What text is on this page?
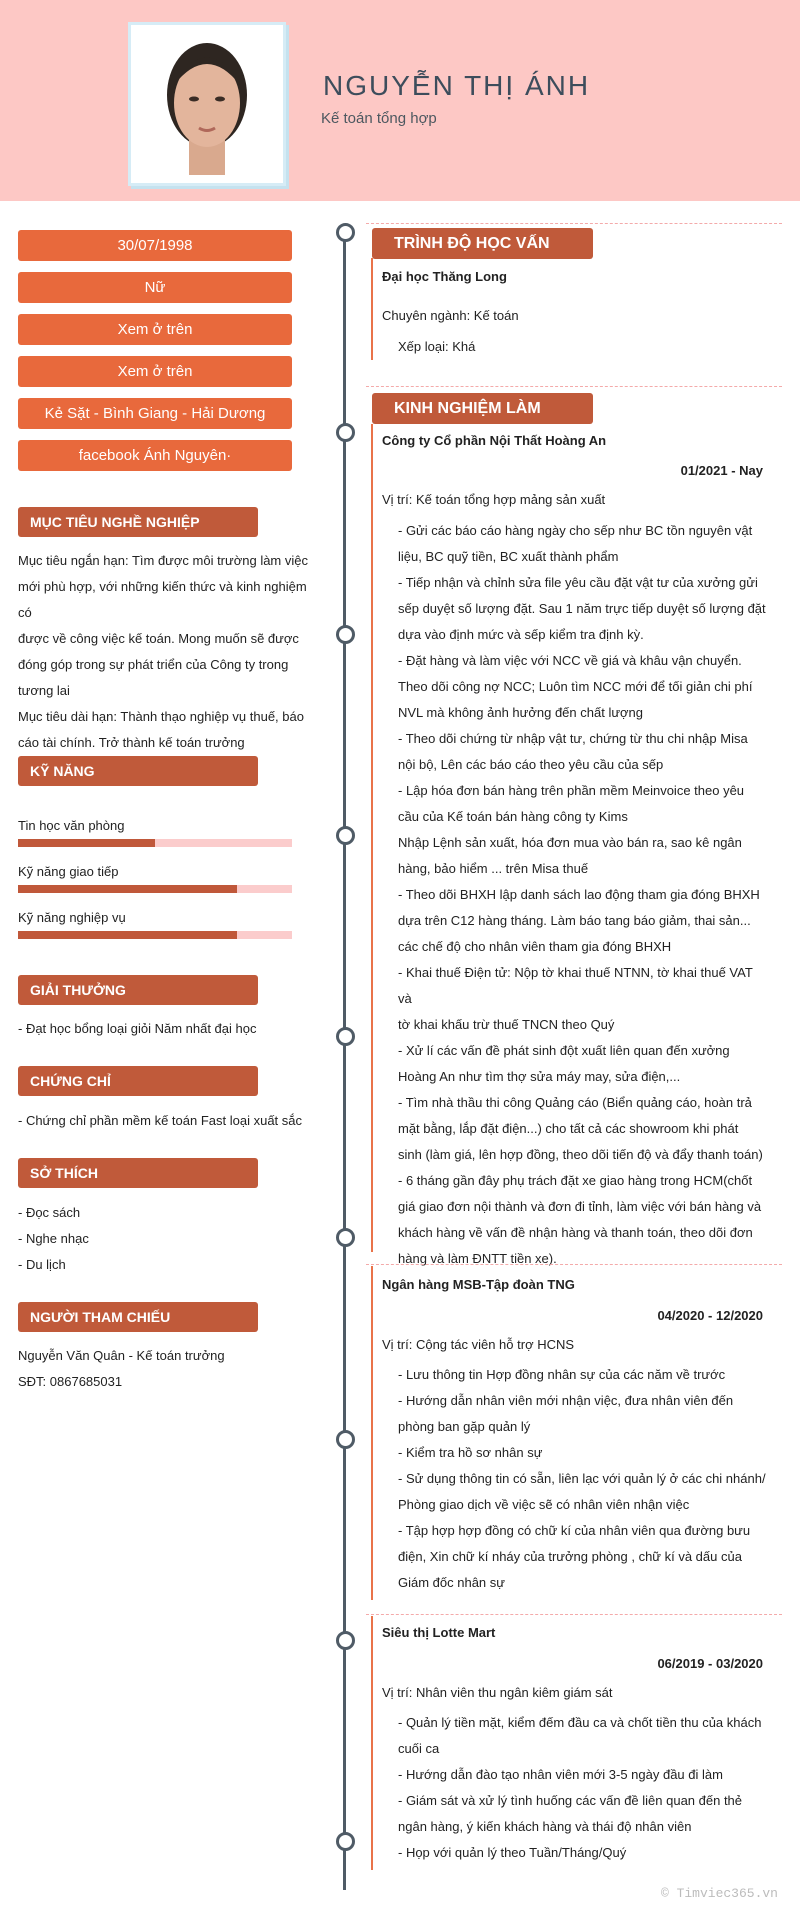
NGUYỄN THỊ ÁNH
Kế toán tổng hợp
30/07/1998
Nữ
Xem ở trên
Xem ở trên
Kẻ Sặt - Bình Giang - Hải Dương
facebook Ánh Nguyên·
MỤC TIÊU NGHỀ NGHIỆP
Mục tiêu ngắn hạn: Tìm được môi trường làm việc
mới phù hợp, với những kiến thức và kinh nghiệm có
được về công việc kế toán. Mong muốn sẽ được
đóng góp trong sự phát triển của Công ty trong
tương lai
Mục tiêu dài hạn: Thành thạo nghiệp vụ thuế, báo
cáo tài chính. Trở thành kế toán trưởng
KỸ NĂNG
Tin học văn phòng
Kỹ năng giao tiếp
Kỹ năng nghiệp vụ
GIẢI THƯỞNG
- Đạt học bổng loại giỏi Năm nhất đại học
CHỨNG CHỈ
- Chứng chỉ phần mềm kế toán Fast loại xuất sắc
SỞ THÍCH
- Đọc sách
- Nghe nhạc
- Du lịch
NGƯỜI THAM CHIẾU
Nguyễn Văn Quân - Kế toán trưởng
SĐT: 0867685031
TRÌNH ĐỘ HỌC VẤN
Đại học Thăng Long
Chuyên ngành: Kế toán
Xếp loại: Khá
KINH NGHIỆM LÀM
Công ty Cổ phần Nội Thất Hoàng An
01/2021 - Nay
Vị trí: Kế toán tổng hợp mảng sản xuất
- Gửi các báo cáo hàng ngày cho sếp như BC tồn nguyên vật
liệu, BC quỹ tiền, BC xuất thành phẩm
- Tiếp nhận và chỉnh sửa file yêu cầu đặt vật tư của xưởng gửi
sếp duyệt số lượng đặt. Sau 1 năm trực tiếp duyệt số lượng đặt
dựa vào định mức và sếp kiểm tra định kỳ.
- Đặt hàng và làm việc với NCC về giá và khâu vận chuyển.
Theo dõi công nợ NCC; Luôn tìm NCC mới để tối giản chi phí
NVL mà không ảnh hưởng đến chất lượng
- Theo dõi chứng từ nhập vật tư, chứng từ thu chi nhập Misa
nội bộ, Lên các báo cáo theo yêu cầu của sếp
- Lập hóa đơn bán hàng trên phần mềm Meinvoice theo yêu
cầu của Kế toán bán hàng công ty Kims
Nhập Lệnh sản xuất, hóa đơn mua vào bán ra, sao kê ngân
hàng, bảo hiểm ... trên Misa thuế
- Theo dõi BHXH lập danh sách lao động tham gia đóng BHXH
dựa trên C12 hàng tháng. Làm báo tang báo giảm, thai sản...
các chế độ cho nhân viên tham gia đóng BHXH
- Khai thuế Điện tử: Nộp tờ khai thuế NTNN, tờ khai thuế VAT và
tờ khai khấu trừ thuế TNCN theo Quý
- Xử lí các vấn đề phát sinh đột xuất liên quan đến xưởng
Hoàng An như tìm thợ sửa máy may, sửa điện,...
- Tìm nhà thầu thi công Quảng cáo (Biển quảng cáo, hoàn trả
mặt bằng, lắp đặt điện...) cho tất cả các showroom khi phát
sinh (làm giá, lên hợp đồng, theo dõi tiến độ và đẩy thanh toán)
- 6 tháng gần đây phụ trách đặt xe giao hàng trong HCM(chốt
giá giao đơn nội thành và đơn đi tỉnh, làm việc với bán hàng và
khách hàng về vấn đề nhận hàng và thanh toán, theo dõi đơn
hàng và làm ĐNTT tiền xe).
Ngân hàng MSB-Tập đoàn TNG
04/2020 - 12/2020
Vị trí: Cộng tác viên hỗ trợ HCNS
- Lưu thông tin Hợp đồng nhân sự của các năm về trước
- Hướng dẫn nhân viên mới nhận việc, đưa nhân viên đến
phòng ban gặp quản lý
- Kiểm tra hồ sơ nhân sự
- Sử dụng thông tin có sẵn, liên lạc với quản lý ở các chi nhánh/
Phòng giao dịch về việc sẽ có nhân viên nhận việc
- Tập hợp hợp đồng có chữ kí của nhân viên qua đường bưu
điện, Xin chữ kí nháy của trưởng phòng , chữ kí và dấu của
Giám đốc nhân sự
Siêu thị Lotte Mart
06/2019 - 03/2020
Vị trí: Nhân viên thu ngân kiêm giám sát
- Quản lý tiền mặt, kiểm đếm đầu ca và chốt tiền thu của khách
cuối ca
- Hướng dẫn đào tạo nhân viên mới 3-5 ngày đầu đi làm
- Giám sát và xử lý tình huống các vấn đề liên quan đến thẻ
ngân hàng, ý kiến khách hàng và thái độ nhân viên
- Họp với quản lý theo Tuần/Tháng/Quý
© Timviec365.vn
